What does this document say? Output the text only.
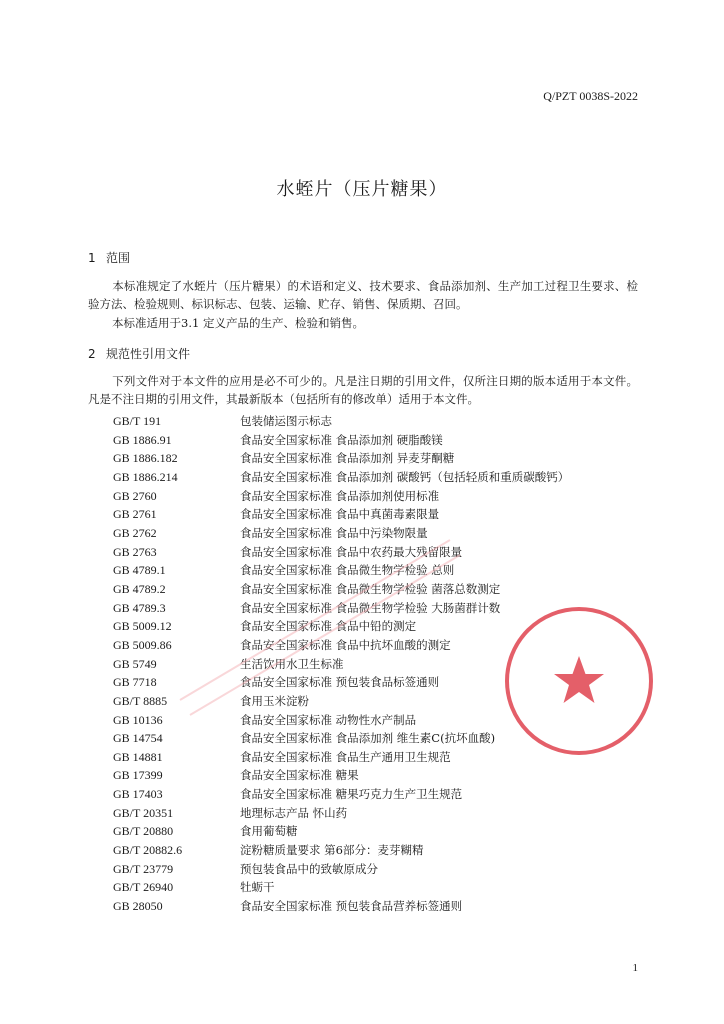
Q/PZT 0038S-2022
水蛭片（压片糖果）
1 范围
本标准规定了水蛭片（压片糖果）的术语和定义、技术要求、食品添加剂、生产加工过程卫生要求、检验方法、检验规则、标识标志、包装、运输、贮存、销售、保质期、召回。
本标准适用于3.1 定义产品的生产、检验和销售。
2 规范性引用文件
下列文件对于本文件的应用是必不可少的。凡是注日期的引用文件，仅所注日期的版本适用于本文件。凡是不注日期的引用文件，其最新版本（包括所有的修改单）适用于本文件。
GB/T 191	包装储运图示标志
GB 1886.91	食品安全国家标准 食品添加剂 硬脂酸镁
GB 1886.182	食品安全国家标准 食品添加剂 异麦芽酮糖
GB 1886.214	食品安全国家标准 食品添加剂 碳酸钙（包括轻质和重质碳酸钙）
GB 2760	食品安全国家标准 食品添加剂使用标准
GB 2761	食品安全国家标准 食品中真菌毒素限量
GB 2762	食品安全国家标准 食品中污染物限量
GB 2763	食品安全国家标准 食品中农药最大残留限量
GB 4789.1	食品安全国家标准 食品微生物学检验 总则
GB 4789.2	食品安全国家标准 食品微生物学检验 菌落总数测定
GB 4789.3	食品安全国家标准 食品微生物学检验 大肠菌群计数
GB 5009.12	食品安全国家标准 食品中铅的测定
GB 5009.86	食品安全国家标准 食品中抗坏血酸的测定
GB 5749	生活饮用水卫生标准
GB 7718	食品安全国家标准 预包装食品标签通则
GB/T 8885	食用玉米淀粉
GB 10136	食品安全国家标准 动物性水产制品
GB 14754	食品安全国家标准 食品添加剂 维生素C(抗坏血酸)
GB 14881	食品安全国家标准 食品生产通用卫生规范
GB 17399	食品安全国家标准 糖果
GB 17403	食品安全国家标准 糖果巧克力生产卫生规范
GB/T 20351	地理标志产品 怀山药
GB/T 20880	食用葡萄糖
GB/T 20882.6	淀粉糖质量要求 第6部分：麦芽糊精
GB/T 23779	预包装食品中的致敏原成分
GB/T 26940	牡蛎干
GB 28050	食品安全国家标准 预包装食品营养标签通则
1
